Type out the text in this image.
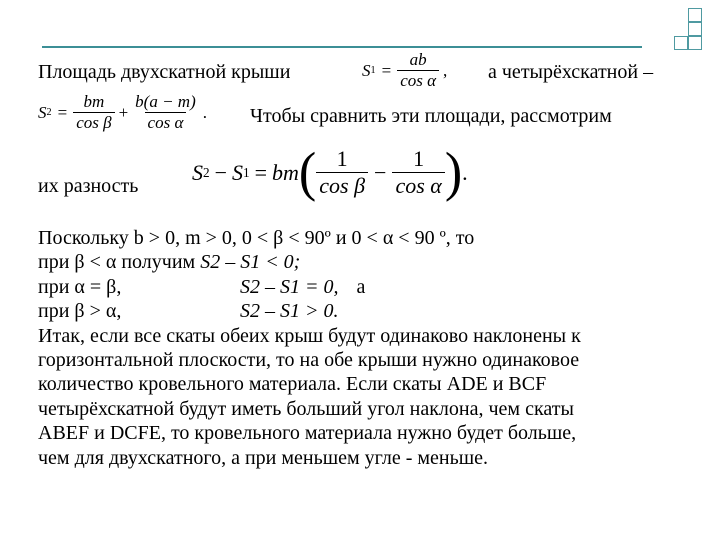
Площадь двухскатной крыши	S $1 = \frac{ab}{\text{cos α}}$ , а четырёхскатной –
S $2 = \frac{bm}{\text{cos β}} + \frac{b(a - m)}{\text{cos α}}$ . Чтобы сравнить эти площади, рассмотрим
их разность
S 2 − S 1 = bm ( $\frac{1}{\text{cos β}} - \frac{1}{\text{cos α}}$ ) .
Поскольку b > 0, m > 0, 0 < β < 90º и 0 < α < 90 º, то
при β < α получим S2 – S1 < 0;
при α = β,	S2 – S1 = 0, а
при β > α,	S2 – S1 > 0.
Итак, если все скаты обеих крыш будут одинаково наклонены к
горизонтальной плоскости, то на обе крыши нужно одинаковое
количество кровельного материала. Если скаты ADE и BCF
четырёхскатной будут иметь больший угол наклона, чем скаты
ABEF и DCFE, то кровельного материала нужно будет больше,
чем для двухскатного, а при меньшем угле - меньше.
